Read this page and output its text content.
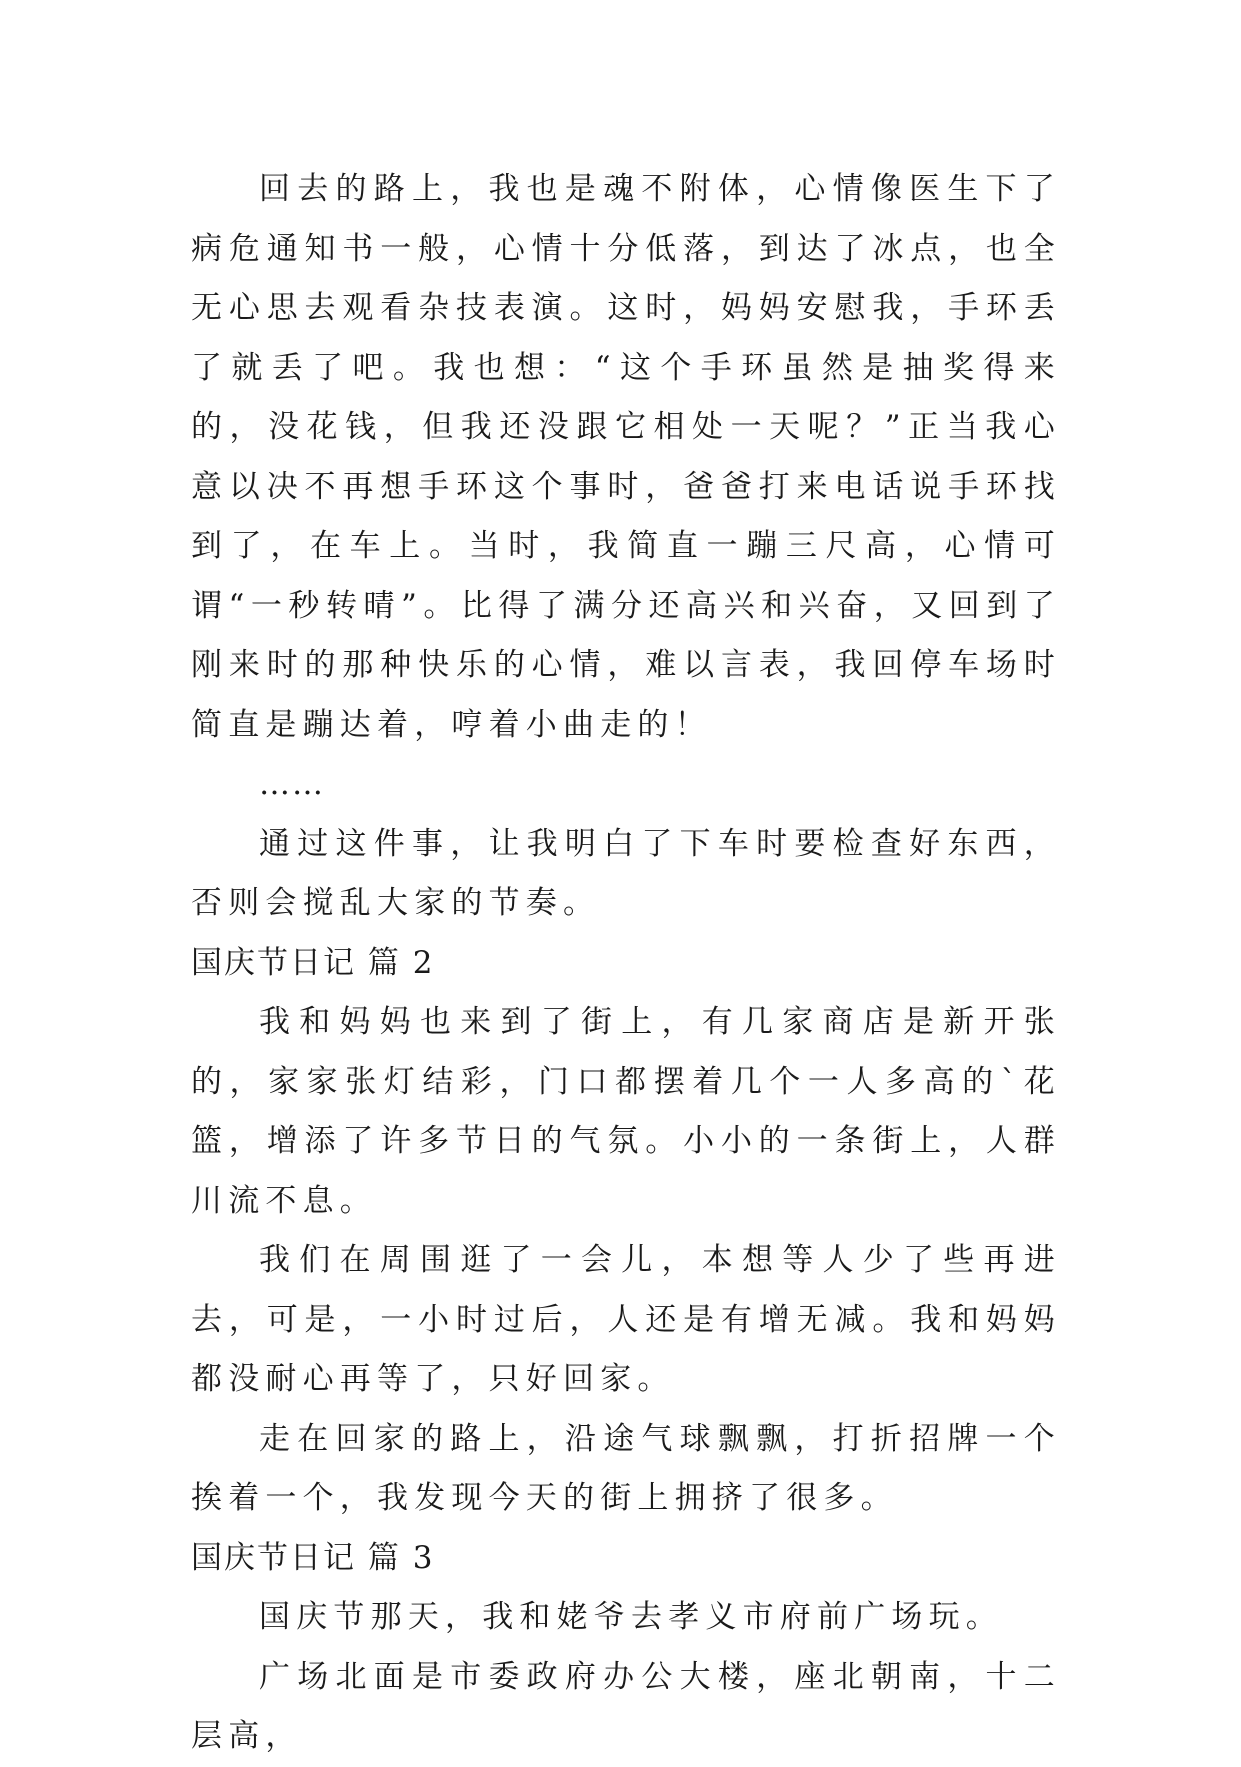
回去的路上，我也是魂不附体，心情像医生下了病危通知书一般，心情十分低落，到达了冰点，也全无心思去观看杂技表演。这时，妈妈安慰我，手环丢了就丢了吧。我也想：“这个手环虽然是抽奖得来的，没花钱，但我还没跟它相处一天呢？”正当我心意以决不再想手环这个事时，爸爸打来电话说手环找到了，在车上。当时，我简直一蹦三尺高，心情可谓“一秒转晴”。比得了满分还高兴和兴奋，又回到了刚来时的那种快乐的心情，难以言表，我回停车场时简直是蹦达着，哼着小曲走的！

……

通过这件事，让我明白了下车时要检查好东西，否则会搅乱大家的节奏。

国庆节日记 篇 2

我和妈妈也来到了街上，有几家商店是新开张的，家家张灯结彩，门口都摆着几个一人多高的`花篮，增添了许多节日的气氛。小小的一条街上，人群川流不息。

我们在周围逛了一会儿，本想等人少了些再进去，可是，一小时过后，人还是有增无减。我和妈妈都没耐心再等了，只好回家。

走在回家的路上，沿途气球飘飘，打折招牌一个挨着一个，我发现今天的街上拥挤了很多。

国庆节日记 篇 3

国庆节那天，我和姥爷去孝义市府前广场玩。

广场北面是市委政府办公大楼，座北朝南，十二层高，
